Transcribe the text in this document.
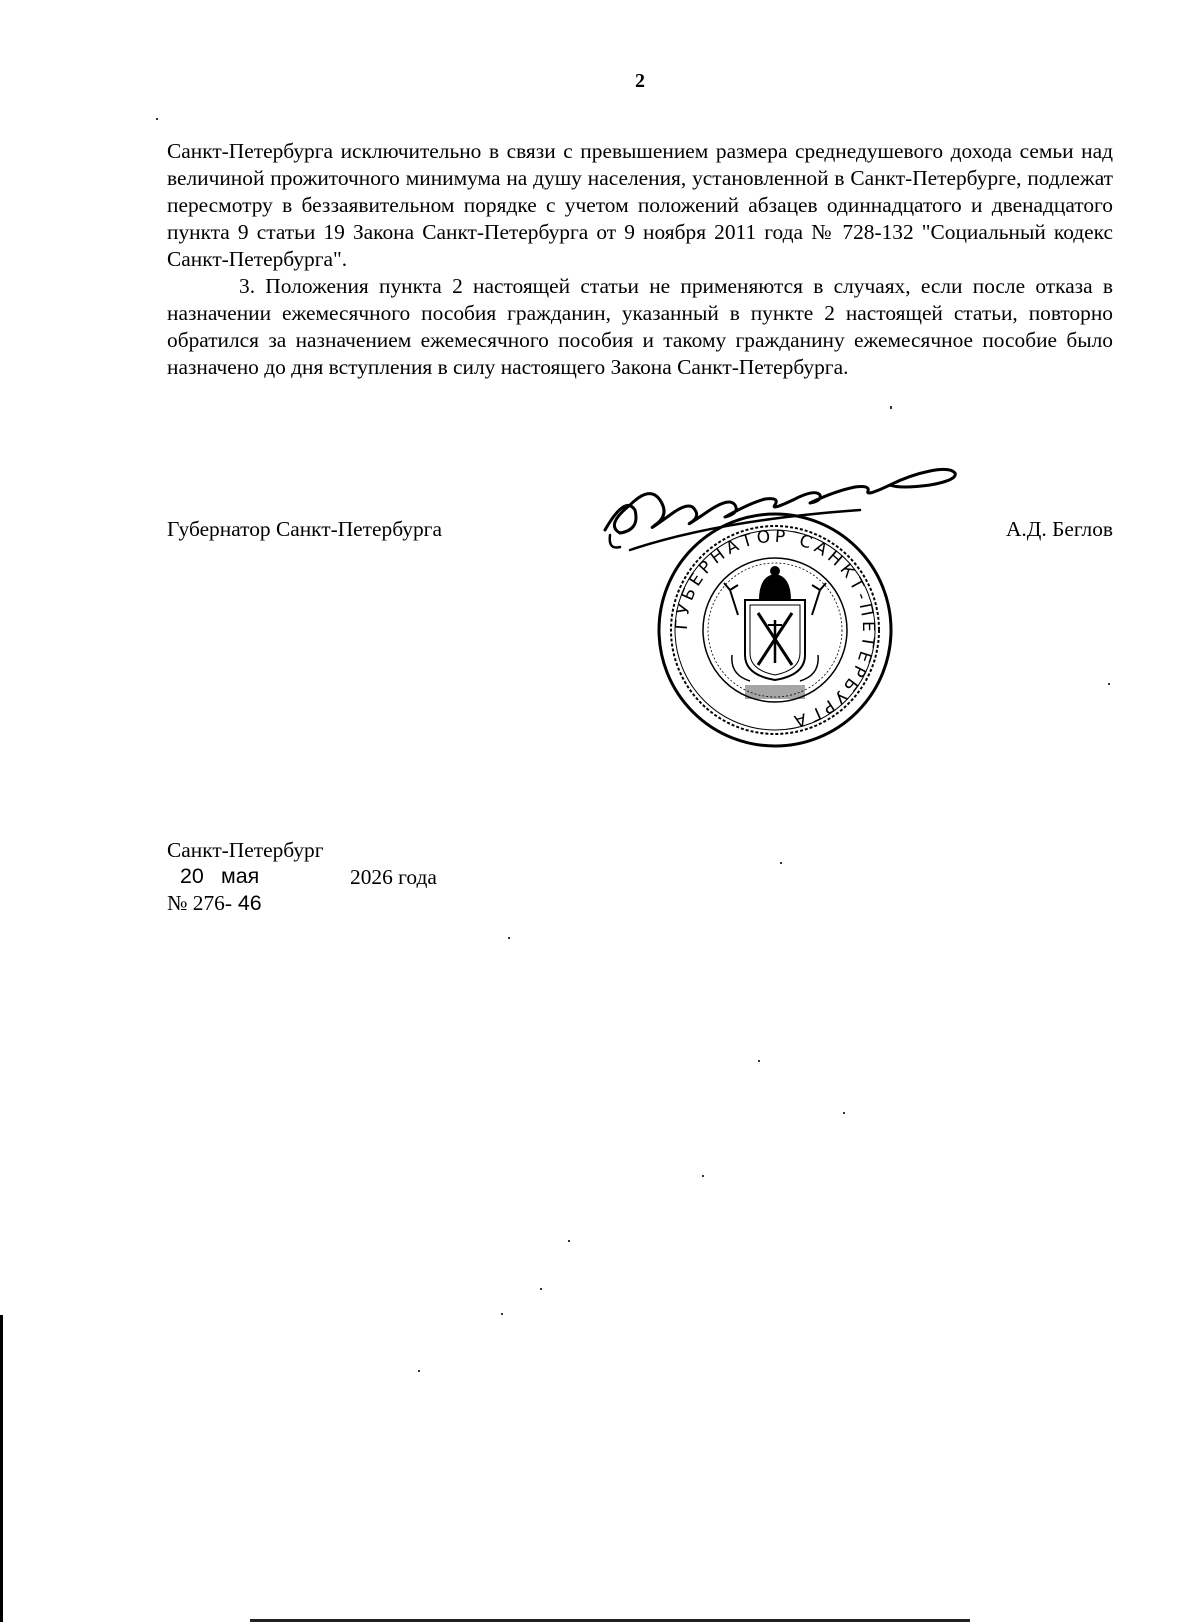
2

Санкт-Петербурга исключительно в связи с превышением размера среднедушевого дохода семьи над величиной прожиточного минимума на душу населения, установленной в Санкт-Петербурге, подлежат пересмотру в беззаявительном порядке с учетом положений абзацев одиннадцатого и двенадцатого пункта 9 статьи 19 Закона Санкт-Петербурга от 9 ноября 2011 года № 728-132 "Социальный кодекс Санкт-Петербурга".

3. Положения пункта 2 настоящей статьи не применяются в случаях, если после отказа в назначении ежемесячного пособия гражданин, указанный в пункте 2 настоящей статьи, повторно обратился за назначением ежемесячного пособия и такому гражданину ежемесячное пособие было назначено до дня вступления в силу настоящего Закона Санкт-Петербурга.

Губернатор Санкт-Петербурга
ГУБЕРНАТОР САНКТ-ПЕТЕРБУРГА
А.Д. Беглов
Санкт-Петербург
20 мая	2026 года
№ 276- 46
